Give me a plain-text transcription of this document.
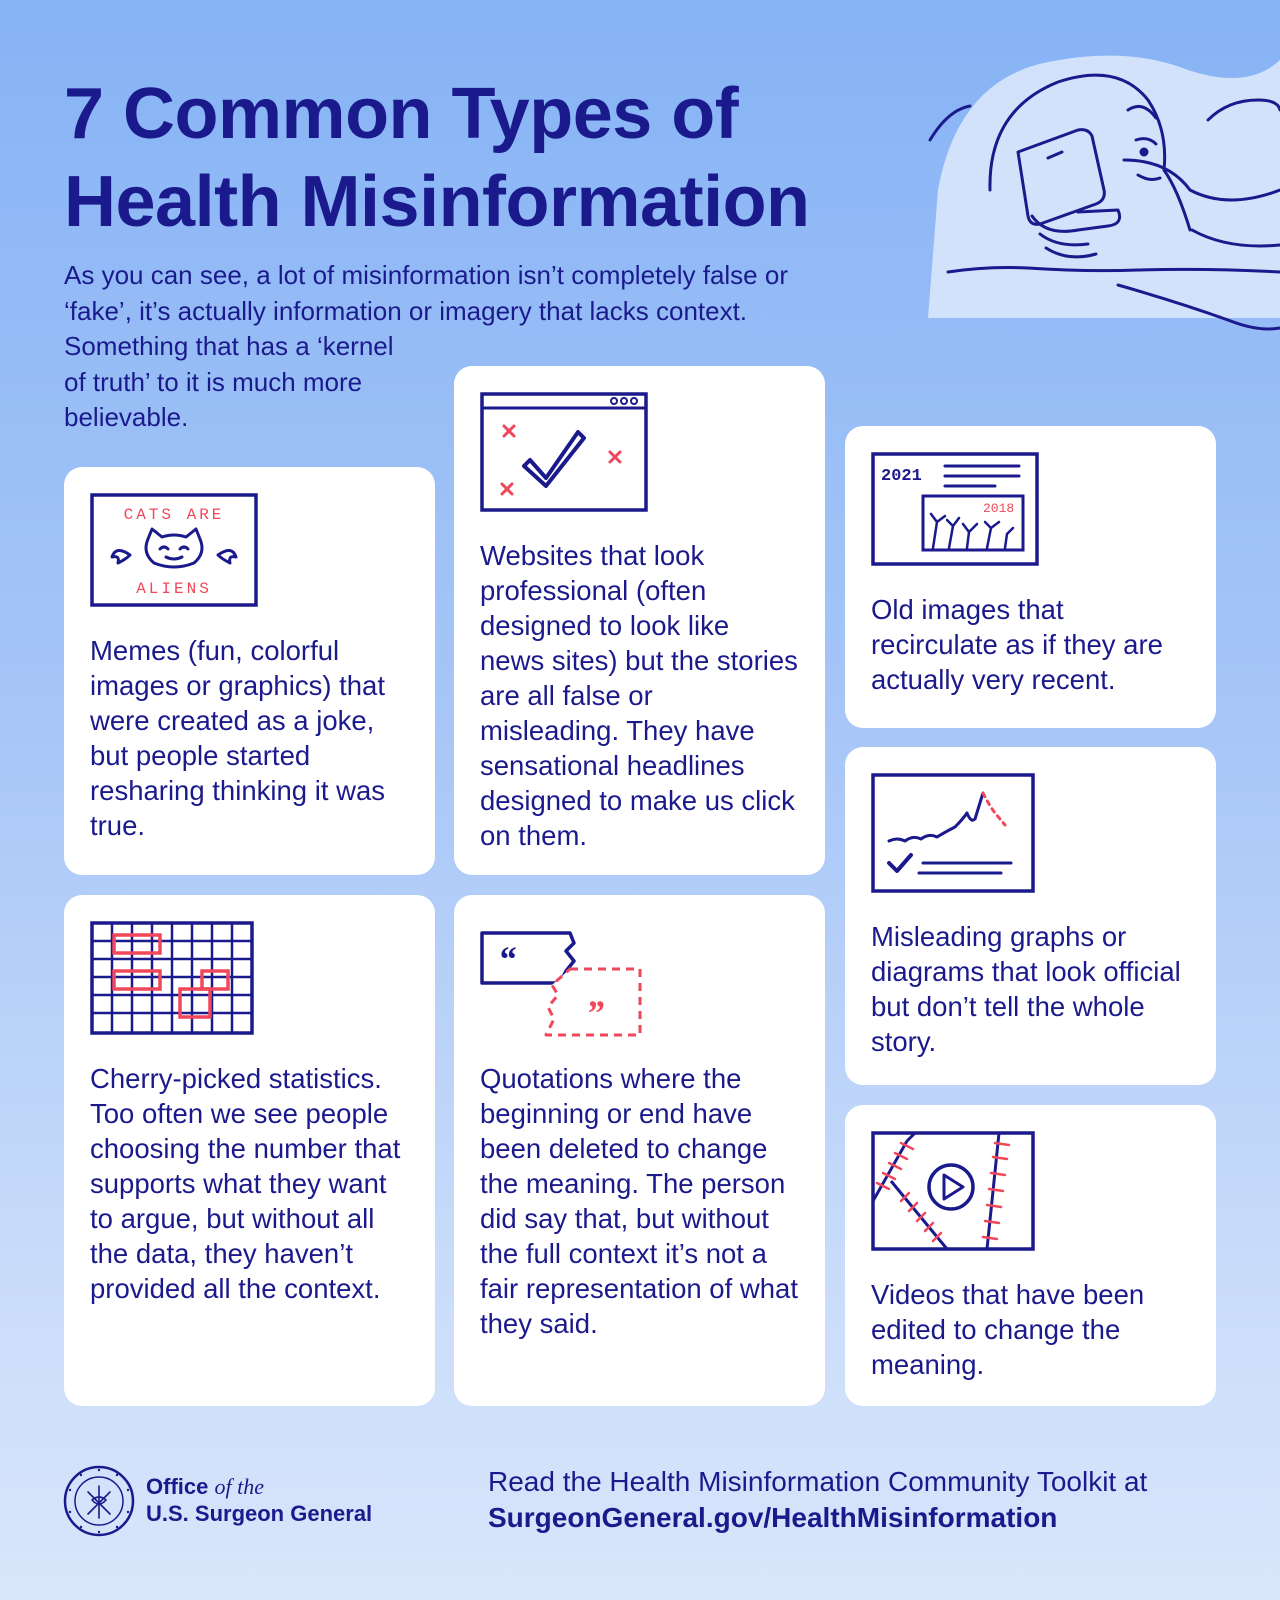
7 Common Types of
Health Misinformation

As you can see, a lot of misinformation isn’t completely false or

‘fake’, it’s actually information or imagery that lacks context.

Something that has a ‘kernel of truth’ to it is much more believable.

CATS ARE
ALIENS
Memes (fun, colorful images or graphics) that were created as a joke, but people started resharing thinking it was true.
Websites that look professional (often designed to look like news sites) but the stories are all false or misleading. They have sensational headlines designed to make us click on them.
2021
2018
Old images that recirculate as if they are actually very recent.
Cherry-picked statistics. Too often we see people choosing the number that supports what they want to argue, but without all the data, they haven’t provided all the context.
“
”
Quotations where the beginning or end have been deleted to change the meaning. The person did say that, but without the full context it’s not a fair representation of what they said.
Misleading graphs or diagrams that look official but don’t tell the whole story.
Videos that have been edited to change the meaning.
Office of the
U.S. Surgeon General
Read the Health Misinformation Community Toolkit at
SurgeonGeneral.gov/HealthMisinformation
